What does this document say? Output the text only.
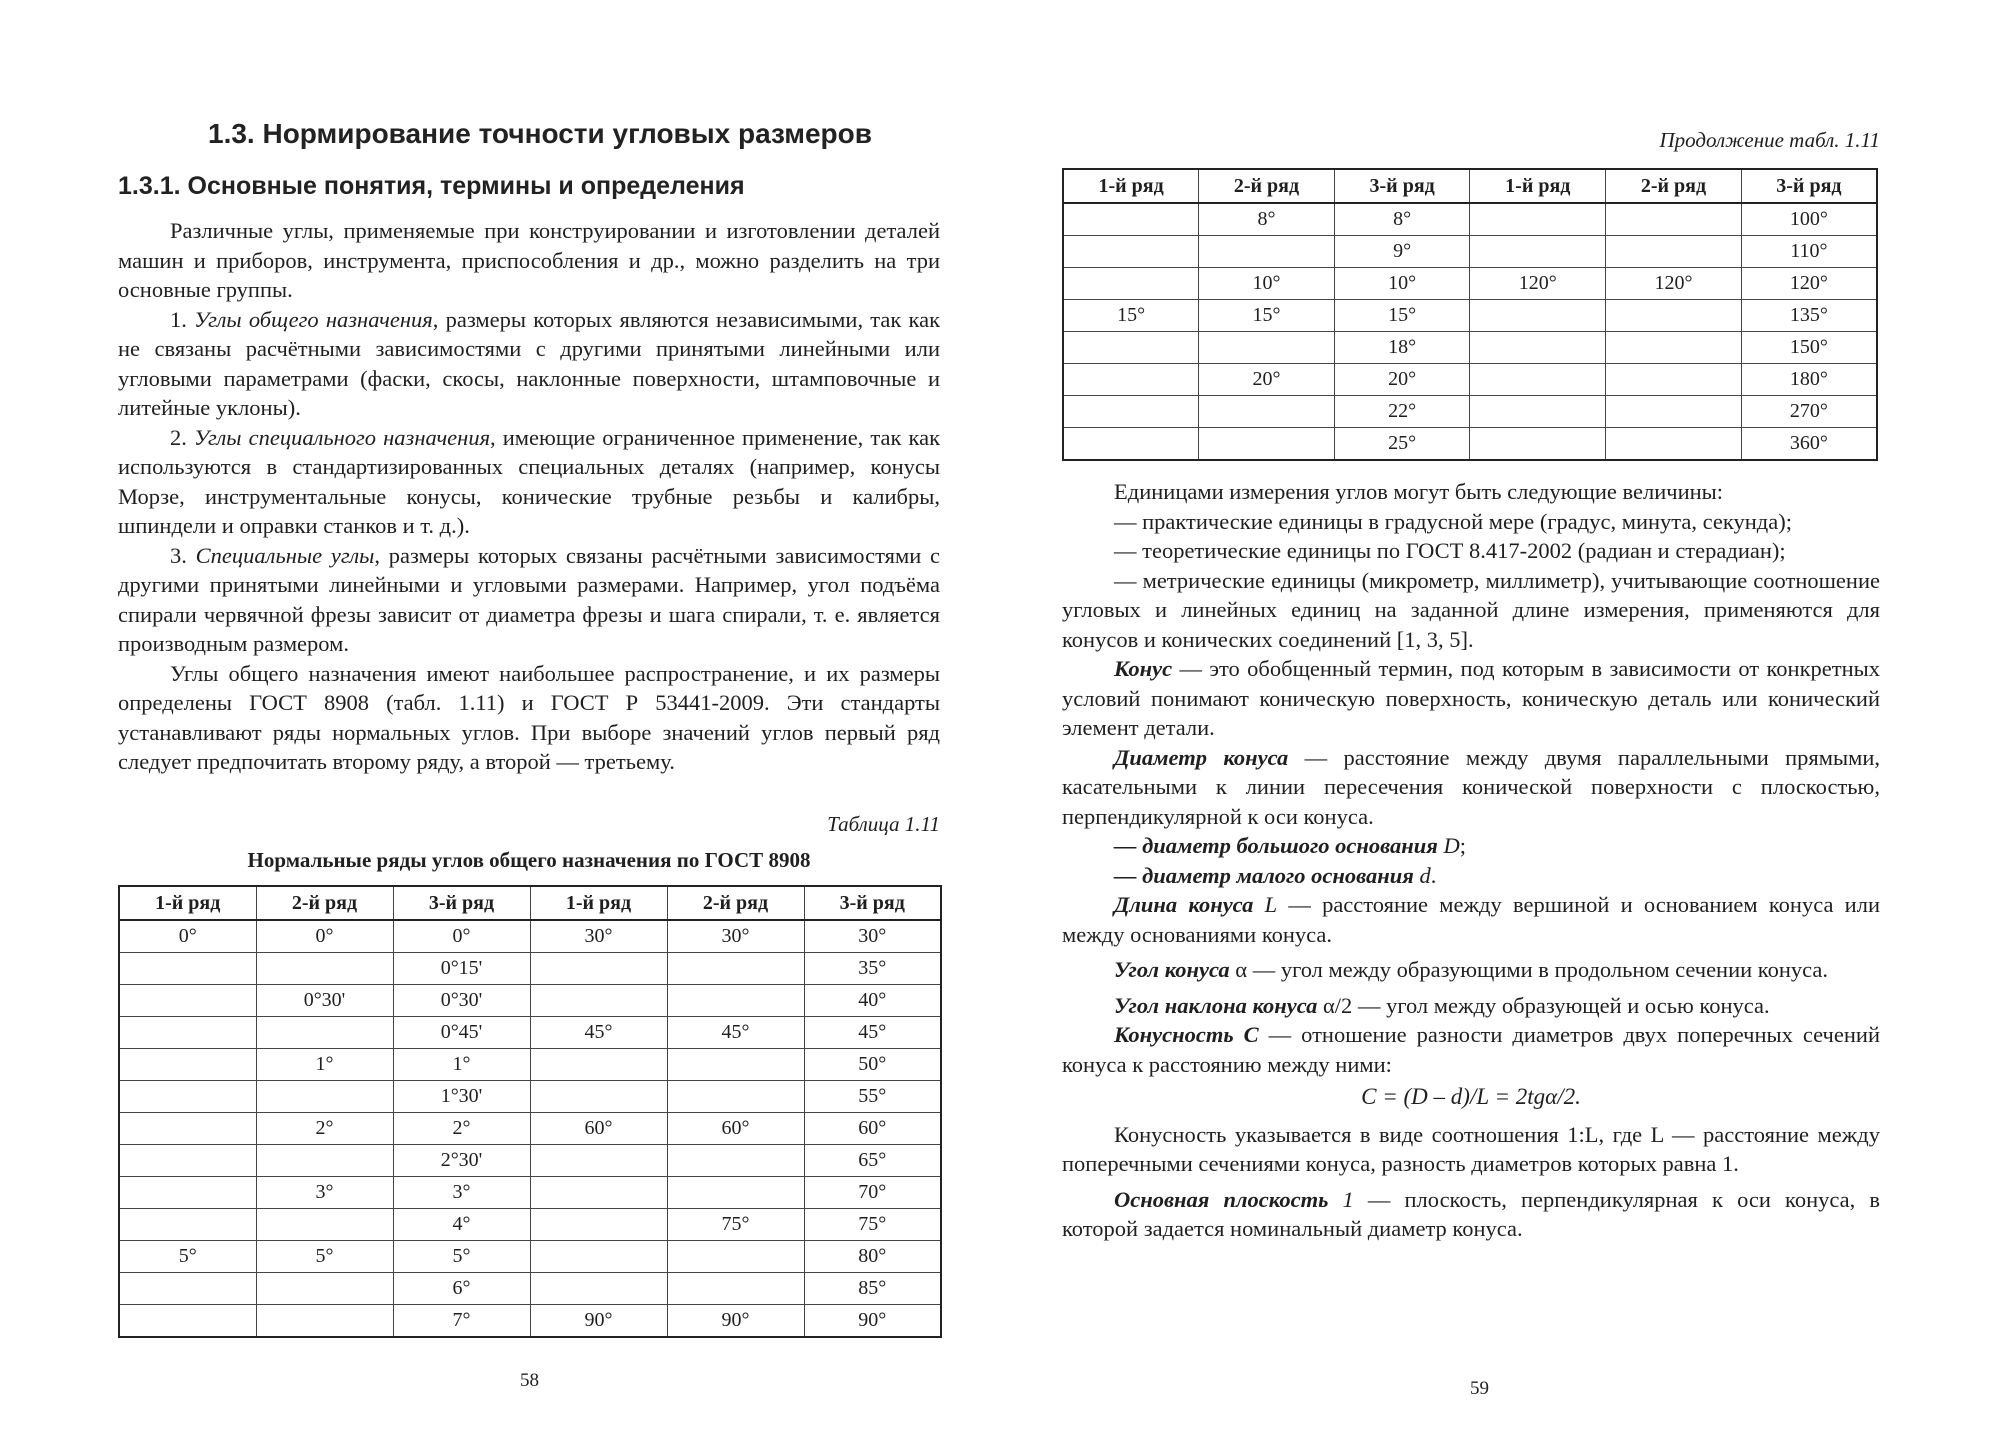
1.3. Нормирование точности угловых размеров
1.3.1. Основные понятия, термины и определения

Различные углы, применяемые при конструировании и изготовлении деталей машин и приборов, инструмента, приспособления и др., можно разделить на три основные группы.

1. Углы общего назначения, размеры которых являются независимыми, так как не связаны расчётными зависимостями с другими принятыми линейными или угловыми параметрами (фаски, скосы, наклонные поверхности, штамповочные и литейные уклоны).

2. Углы специального назначения, имеющие ограниченное применение, так как используются в стандартизированных специальных деталях (например, конусы Морзе, инструментальные конусы, конические трубные резьбы и калибры, шпиндели и оправки станков и т. д.).

3. Специальные углы, размеры которых связаны расчётными зависимостями с другими принятыми линейными и угловыми размерами. Например, угол подъёма спирали червячной фрезы зависит от диаметра фрезы и шага спирали, т. е. является производным размером.

Углы общего назначения имеют наибольшее распространение, и их размеры определены ГОСТ 8908 (табл. 1.11) и ГОСТ Р 53441-2009. Эти стандарты устанавливают ряды нормальных углов. При выборе значений углов первый ряд следует предпочитать второму ряду, а второй — третьему.

Таблица 1.11
Нормальные ряды углов общего назначения по ГОСТ 8908
1-й ряд	2-й ряд	3-й ряд	1-й ряд	2-й ряд	3-й ряд
0°	0°	0°	30°	30°	30°
		0°15'			35°
	0°30'	0°30'			40°
		0°45'	45°	45°	45°
	1°	1°			50°
		1°30'			55°
	2°	2°	60°	60°	60°
		2°30'			65°
	3°	3°			70°
		4°		75°	75°
5°	5°	5°			80°
		6°			85°
		7°	90°	90°	90°
58
Продолжение табл. 1.11
1-й ряд	2-й ряд	3-й ряд	1-й ряд	2-й ряд	3-й ряд
	8°	8°			100°
		9°			110°
	10°	10°	120°	120°	120°
15°	15°	15°			135°
		18°			150°
	20°	20°			180°
		22°			270°
		25°			360°

Единицами измерения углов могут быть следующие величины:

— практические единицы в градусной мере (градус, минута, секунда);

— теоретические единицы по ГОСТ 8.417-2002 (радиан и стерадиан);

— метрические единицы (микрометр, миллиметр), учитывающие соотношение угловых и линейных единиц на заданной длине измерения, применяются для конусов и конических соединений [1, 3, 5].

Конус — это обобщенный термин, под которым в зависимости от конкретных условий понимают коническую поверхность, коническую деталь или конический элемент детали.

Диаметр конуса — расстояние между двумя параллельными прямыми, касательными к линии пересечения конической поверхности с плоскостью, перпендикулярной к оси конуса.

— диаметр большого основания D;

— диаметр малого основания d.

Длина конуса L — расстояние между вершиной и основанием конуса или между основаниями конуса.

Угол конуса α — угол между образующими в продольном сечении конуса.

Угол наклона конуса α/2 — угол между образующей и осью конуса.

Конусность С — отношение разности диаметров двух поперечных сечений конуса к расстоянию между ними:

C = (D – d)/L = 2tgα/2.

Конусность указывается в виде соотношения 1:L, где L — расстояние между поперечными сечениями конуса, разность диаметров которых равна 1.

Основная плоскость 1 — плоскость, перпендикулярная к оси конуса, в которой задается номинальный диаметр конуса.

59
